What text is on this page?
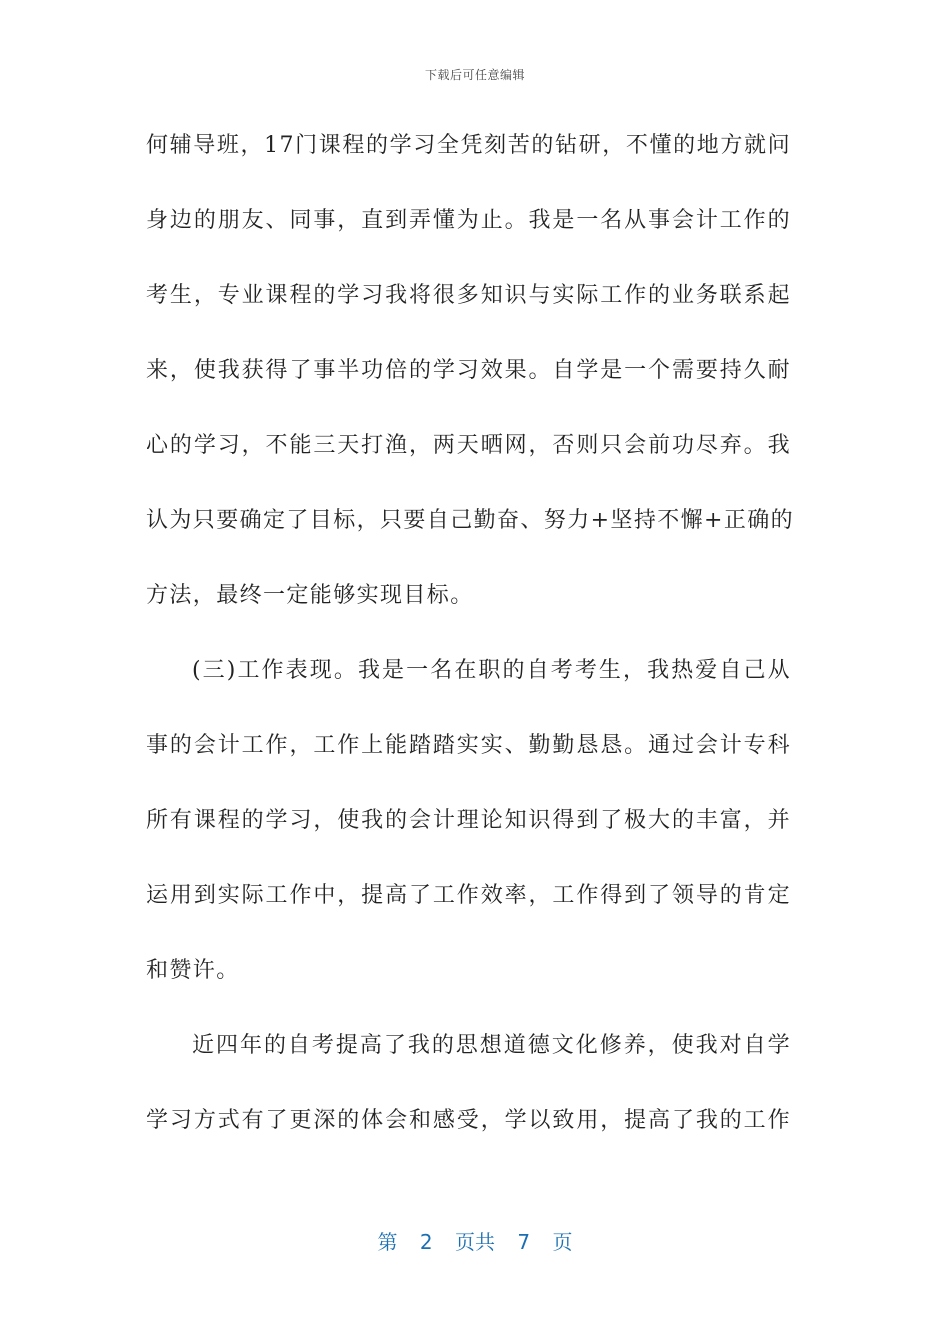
下载后可任意编辑
何辅导班，17门课程的学习全凭刻苦的钻研，不懂的地方就问
身边的朋友、同事，直到弄懂为止。我是一名从事会计工作的
考生，专业课程的学习我将很多知识与实际工作的业务联系起
来，使我获得了事半功倍的学习效果。自学是一个需要持久耐
心的学习，不能三天打渔，两天晒网，否则只会前功尽弃。我
认为只要确定了目标，只要自己勤奋、努力+坚持不懈+正确的
方法，最终一定能够实现目标。
(三)工作表现。我是一名在职的自考考生，我热爱自己从
事的会计工作，工作上能踏踏实实、勤勤恳恳。通过会计专科
所有课程的学习，使我的会计理论知识得到了极大的丰富，并
运用到实际工作中，提高了工作效率，工作得到了领导的肯定
和赞许。
近四年的自考提高了我的思想道德文化修养，使我对自学
学习方式有了更深的体会和感受，学以致用，提高了我的工作
第 2 页共 7 页
